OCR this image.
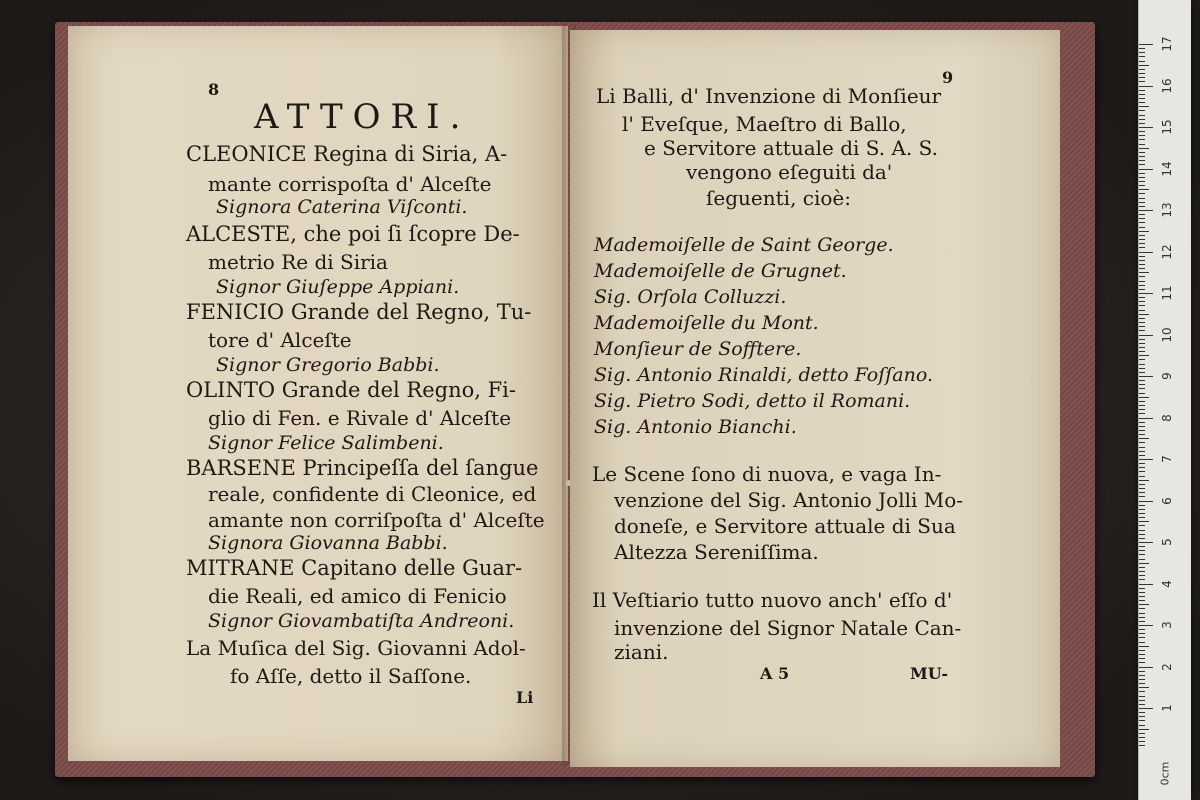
8
ATTORI.
CLEONICE Regina di Siria, A-
mante corrispoſta d' Alceſte
Signora Caterina Viſconti.
ALCESTE, che poi ſi ſcopre De-
metrio Re di Siria
Signor Giuſeppe Appiani.
FENICIO Grande del Regno, Tu-
tore d' Alceſte
Signor Gregorio Babbi.
OLINTO Grande del Regno, Fi-
glio di Fen. e Rivale d' Alceſte
Signor Felice Salimbeni.
BARSENE Principeſſa del ſangue
reale, confidente di Cleonice, ed
amante non corriſpoſta d' Alceſte
Signora Giovanna Babbi.
MITRANE Capitano delle Guar-
die Reali, ed amico di Fenicio
Signor Giovambatiſta Andreoni.
La Muſica del Sig. Giovanni Adol-
fo Aſſe, detto il Saſſone.
Li
9
Li Balli, d' Invenzione di Monſieur
l' Eveſque, Maeſtro di Ballo,
e Servitore attuale di S. A. S.
vengono eſeguiti da'
ſeguenti, cioè:
Mademoiſelle de Saint George.
Mademoiſelle de Grugnet.
Sig. Orſola Colluzzi.
Mademoiſelle du Mont.
Monſieur de Sofftere.
Sig. Antonio Rinaldi, detto Foſſano.
Sig. Pietro Sodi, detto il Romani.
Sig. Antonio Bianchi.
Le Scene ſono di nuova, e vaga In-
venzione del Sig. Antonio Jolli Mo-
doneſe, e Servitore attuale di Sua
Altezza Sereniſſima.
Il Veſtiario tutto nuovo anch' eſſo d'
invenzione del Signor Natale Can-
ziani.
A 5	MU-
17
16
15
14
13
12
11
10
9
8
7
6
5
4
3
2
1
0cm
